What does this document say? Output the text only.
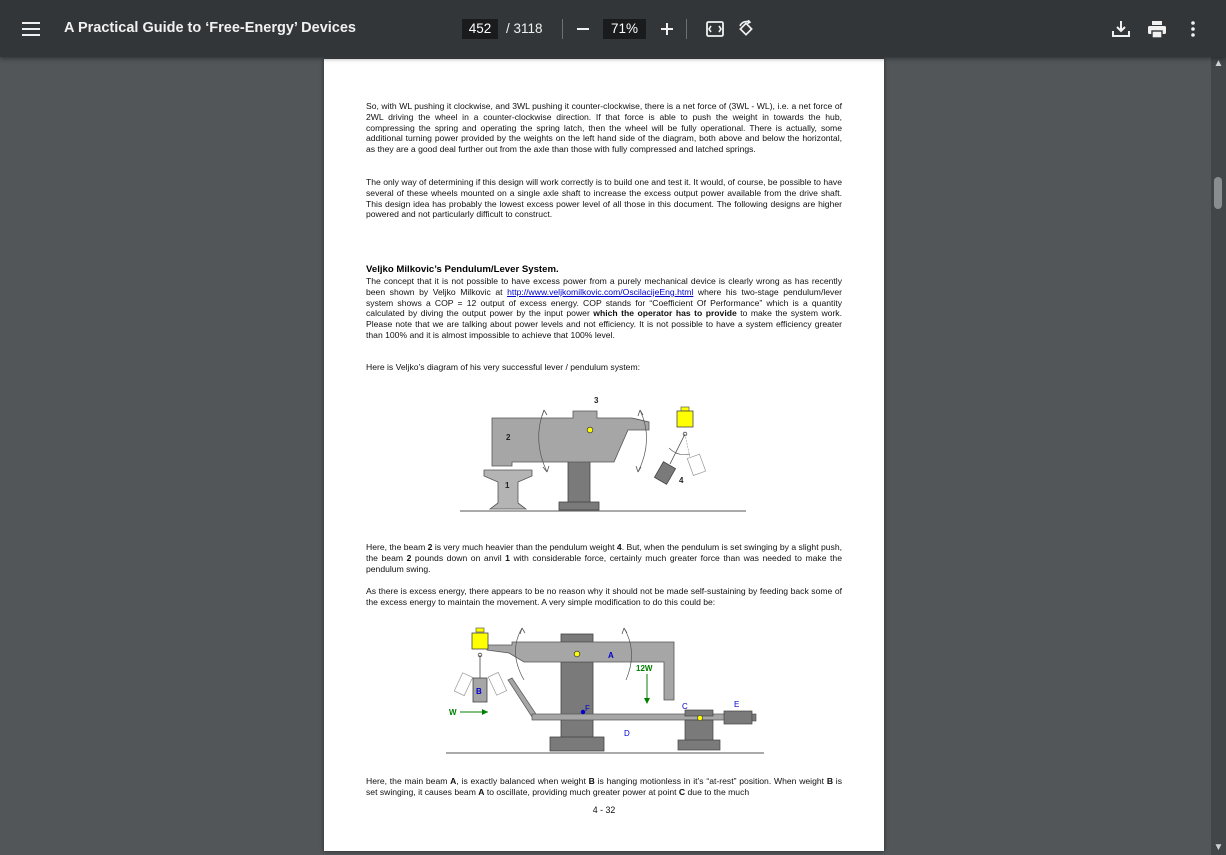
A Practical Guide to ‘Free-Energy’ Devices
452	/ 3118
71%
▲
▼

So, with WL pushing it clockwise, and 3WL pushing it counter-clockwise, there is a net force of (3WL - WL), i.e. a net force of 2WL driving the wheel in a counter-clockwise direction. If that force is able to push the weight in towards the hub, compressing the spring and operating the spring latch, then the wheel will be fully operational. There is actually, some additional turning power provided by the weights on the left hand side of the diagram, both above and below the horizontal, as they are a good deal further out from the axle than those with fully compressed and latched springs.

The only way of determining if this design will work correctly is to build one and test it. It would, of course, be possible to have several of these wheels mounted on a single axle shaft to increase the excess output power available from the drive shaft. This design idea has probably the lowest excess power level of all those in this document. The following designs are higher powered and not particularly difficult to construct.

Veljko Milkovic’s Pendulum/Lever System.

The concept that it is not possible to have excess power from a purely mechanical device is clearly wrong as has recently been shown by Veljko Milkovic at http://www.veljkomilkovic.com/OscilacijeEng.html where his two-stage pendulum/lever system shows a COP = 12 output of excess energy. COP stands for “Coefficient Of Performance” which is a quantity calculated by diving the output power by the input power which the operator has to provide to make the system work. Please note that we are talking about power levels and not efficiency. It is not possible to have a system efficiency greater than 100% and it is almost impossible to achieve that 100% level.

Here is Veljko’s diagram of his very successful lever / pendulum system:

2
1
3
4

Here, the beam 2 is very much heavier than the pendulum weight 4. But, when the pendulum is set swinging by a slight push, the beam 2 pounds down on anvil 1 with considerable force, certainly much greater force than was needed to make the pendulum swing.

As there is excess energy, there appears to be no reason why it should not be made self-sustaining by feeding back some of the excess energy to maintain the movement. A very simple modification to do this could be:

A
B
C
D
E
F
12W
W

Here, the main beam A, is exactly balanced when weight B is hanging motionless in it’s “at-rest” position. When weight B is set swinging, it causes beam A to oscillate, providing much greater power at point C due to the much

4 - 32
